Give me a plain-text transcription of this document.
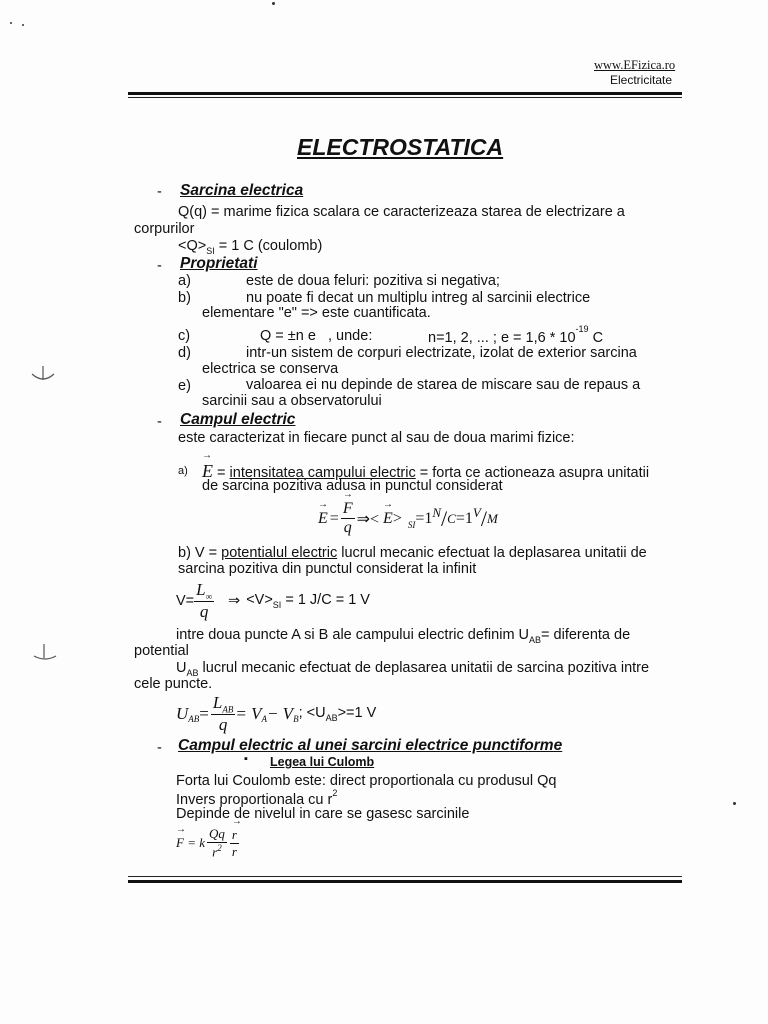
www.EFizica.ro
Electricitate
ELECTROSTATICA
- Sarcina electrica
Q(q) = marime fizica scalara ce caracterizeaza starea de electrizare a
corpurilor
$<Q>_{SI} = 1$ C (coulomb)
- Proprietati
a)	este de doua feluri: pozitiva si negativa;
b)	nu poate fi decat un multiplu intreg al sarcinii electrice
elementare "e" => este cuantificata.
c)	Q = ±n e , unde:	n=1, 2, ... ; $e = 1,6 * 10^{-19}$ C
d)	intr-un sistem de corpuri electrizate, izolat de exterior sarcina
electrica se conserva
e)	valoarea ei nu depinde de starea de miscare sau de repaus a
sarcinii sau a observatorului
- Campul electric
este caracterizat in fiecare punct al sau de doua marimi fizice:
a) → E = intensitatea campului electric = forta ce actioneaza asupra unitatii
de sarcina pozitiva adusa in punctul considerat
→ E = → $\frac{F}{q}$ ⇒< → $E > _{SI} =1^N / C =1^V / M$
b) V = potentialul electric lucrul mecanic efectuat la deplasarea unitatii de
sarcina pozitiva din punctul considerat la infinit
$V= \frac{L_\infty}{q}$ ⇒ $<V>_{SI} = 1$ J/C = 1 V
intre doua puncte A si B ale campului electric definim $U_{AB}=$ diferenta de
potential
$U_{AB}$ lucrul mecanic efectuat de deplasarea unitatii de sarcina pozitiva intre
cele puncte.
$U_{AB} = \frac{L_{AB}}{q} = V_A - V_B$ ; $<U_{AB}>=1$ V
- Campul electric al unei sarcini electrice punctiforme
▪ Legea lui Culomb
Forta lui Coulomb este: direct proportionala cu produsul Qq
Invers proportionala cu $r^2$
Depinde de nivelul in care se gasesc sarcinile
→ F = k $\frac{Qq}{r^2} \to \frac{r}{r}$
